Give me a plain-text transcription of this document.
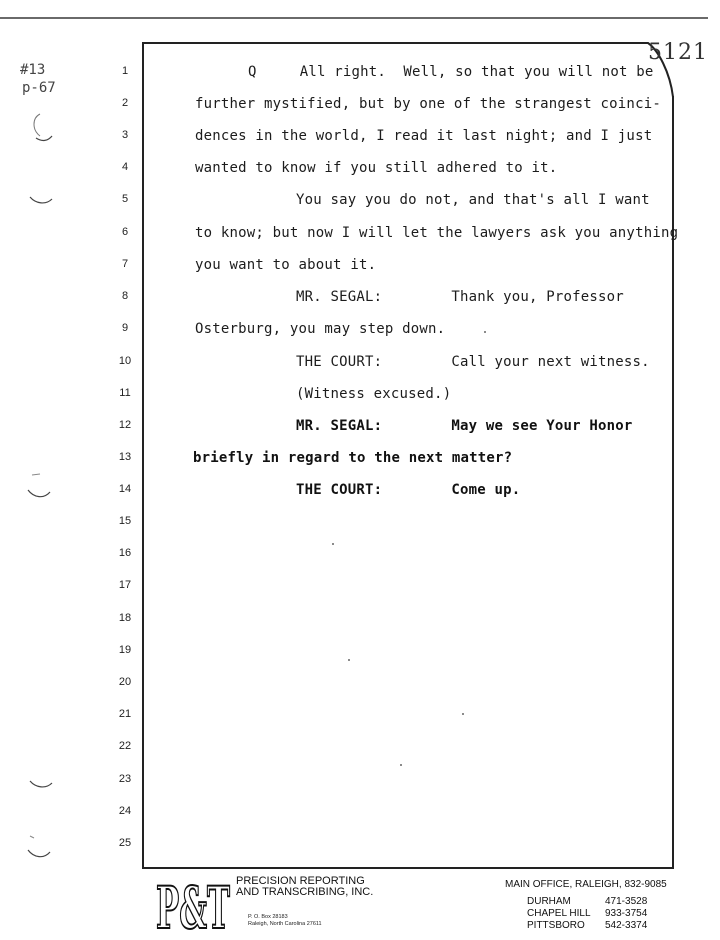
#13
p-67
5121
1	Q     All right.  Well, so that you will not be
2	further mystified, but by one of the strangest coinci-
3	dences in the world, I read it last night; and I just
4	wanted to know if you still adhered to it.
5	You say you do not, and that's all I want
6	to know; but now I will let the lawyers ask you anything
7	you want to about it.
8	MR. SEGAL:        Thank you, Professor
9	Osterburg, you may step down.
10	THE COURT:        Call your next witness.
11	(Witness excused.)
12	MR. SEGAL:        May we see Your Honor
13	briefly in regard to the next matter?
14	THE COURT:        Come up.
15
16
17
18
19
20
21
22
23
24
25
P&T PRECISION REPORTING
AND TRANSCRIBING, INC.
P. O. Box 28183
Raleigh, North Carolina 27611
MAIN OFFICE, RALEIGH, 832-9085
DURHAM	471-3528
CHAPEL HILL	933-3754
PITTSBORO	542-3374
